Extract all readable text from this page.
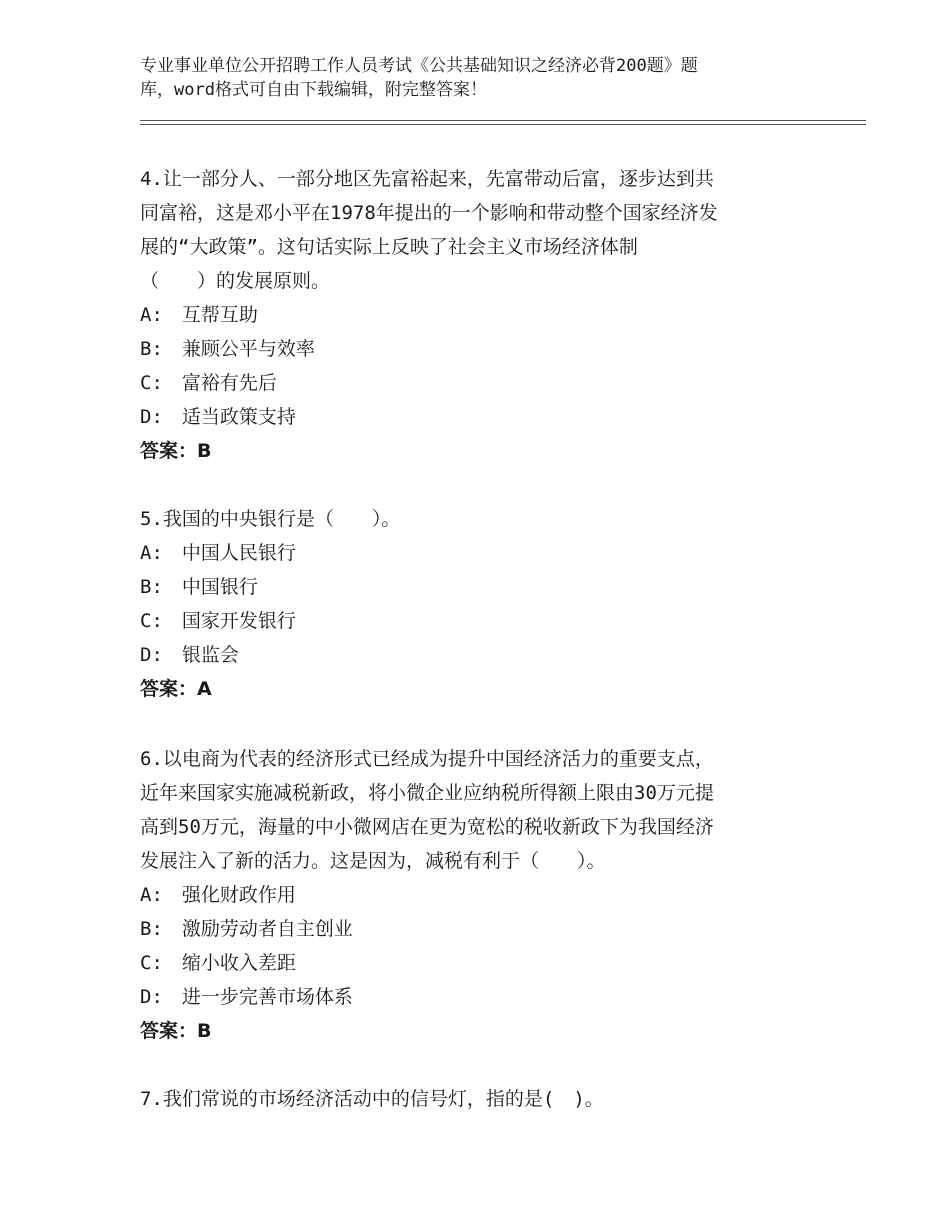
专业事业单位公开招聘工作人员考试《公共基础知识之经济必背200题》题
库，word格式可自由下载编辑，附完整答案！
4.让一部分人、一部分地区先富裕起来，先富带动后富，逐步达到共
同富裕，这是邓小平在1978年提出的一个影响和带动整个国家经济发
展的“大政策”。这句话实际上反映了社会主义市场经济体制
（　　）的发展原则。
A:　互帮互助
B:　兼顾公平与效率
C:　富裕有先后
D:　适当政策支持
答案：B
5.我国的中央银行是（　　）。
A:　中国人民银行
B:　中国银行
C:　国家开发银行
D:　银监会
答案：A
6.以电商为代表的经济形式已经成为提升中国经济活力的重要支点，
近年来国家实施减税新政，将小微企业应纳税所得额上限由30万元提
高到50万元，海量的中小微网店在更为宽松的税收新政下为我国经济
发展注入了新的活力。这是因为，减税有利于（　　）。
A:　强化财政作用
B:　激励劳动者自主创业
C:　缩小收入差距
D:　进一步完善市场体系
答案：B
7.我们常说的市场经济活动中的信号灯，指的是(　)。
